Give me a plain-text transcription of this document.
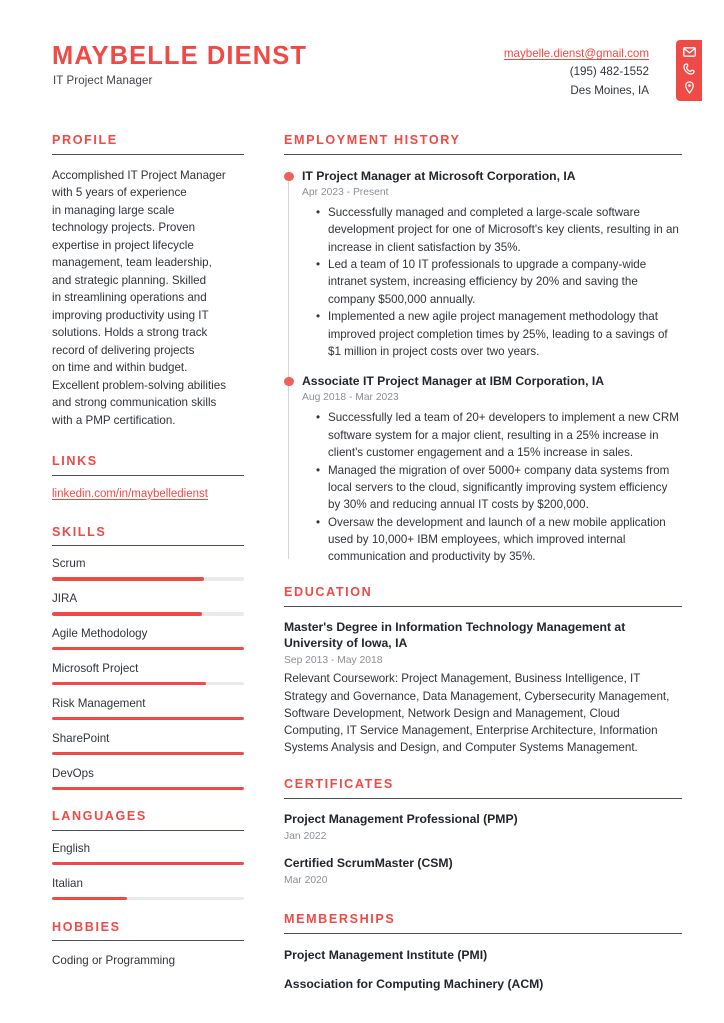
MAYBELLE DIENST
IT Project Manager
maybelle.dienst@gmail.com
(195) 482-1552
Des Moines, IA
PROFILE
Accomplished IT Project Manager
with 5 years of experience
in managing large scale
technology projects. Proven
expertise in project lifecycle
management, team leadership,
and strategic planning. Skilled
in streamlining operations and
improving productivity using IT
solutions. Holds a strong track
record of delivering projects
on time and within budget.
Excellent problem-solving abilities
and strong communication skills
with a PMP certification.
LINKS
linkedin.com/in/maybelledienst
SKILLS
Scrum
JIRA
Agile Methodology
Microsoft Project
Risk Management
SharePoint
DevOps
LANGUAGES
English
Italian
HOBBIES
Coding or Programming
EMPLOYMENT HISTORY
IT Project Manager at Microsoft Corporation, IA
Apr 2023 - Present
• Successfully managed and completed a large-scale software development project for one of Microsoft's key clients, resulting in an increase in client satisfaction by 35%.
• Led a team of 10 IT professionals to upgrade a company-wide intranet system, increasing efficiency by 20% and saving the company $500,000 annually.
• Implemented a new agile project management methodology that improved project completion times by 25%, leading to a savings of $1 million in project costs over two years.
Associate IT Project Manager at IBM Corporation, IA
Aug 2018 - Mar 2023
• Successfully led a team of 20+ developers to implement a new CRM software system for a major client, resulting in a 25% increase in client's customer engagement and a 15% increase in sales.
• Managed the migration of over 5000+ company data systems from local servers to the cloud, significantly improving system efficiency by 30% and reducing annual IT costs by $200,000.
• Oversaw the development and launch of a new mobile application used by 10,000+ IBM employees, which improved internal communication and productivity by 35%.
EDUCATION
Master's Degree in Information Technology Management at University of Iowa, IA
Sep 2013 - May 2018
Relevant Coursework: Project Management, Business Intelligence, IT Strategy and Governance, Data Management, Cybersecurity Management, Software Development, Network Design and Management, Cloud Computing, IT Service Management, Enterprise Architecture, Information Systems Analysis and Design, and Computer Systems Management.
CERTIFICATES
Project Management Professional (PMP)
Jan 2022
Certified ScrumMaster (CSM)
Mar 2020
MEMBERSHIPS
Project Management Institute (PMI)
Association for Computing Machinery (ACM)
